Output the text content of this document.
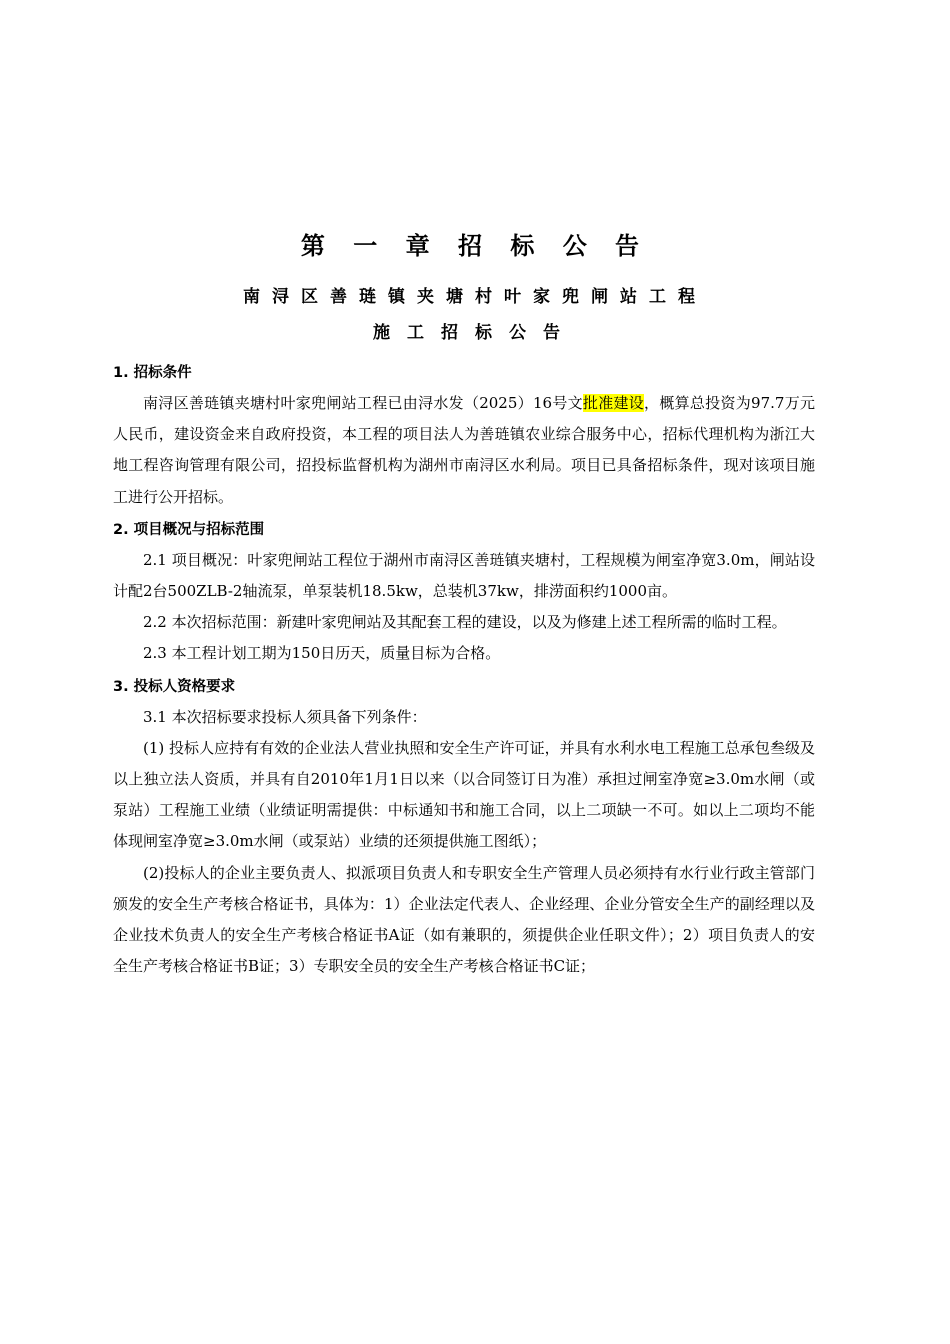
第 一 章 招 标 公 告
南浔区善琏镇夹塘村叶家兜闸站工程
施工招标公告
1. 招标条件

南浔区善琏镇夹塘村叶家兜闸站工程已由浔水发（2025）16号文批准建设，概算总投资为97.7万元人民币，建设资金来自政府投资，本工程的项目法人为善琏镇农业综合服务中心，招标代理机构为浙江大地工程咨询管理有限公司，招投标监督机构为湖州市南浔区水利局。项目已具备招标条件，现对该项目施工进行公开招标。

2. 项目概况与招标范围

2.1 项目概况：叶家兜闸站工程位于湖州市南浔区善琏镇夹塘村，工程规模为闸室净宽3.0m，闸站设计配2台500ZLB-2轴流泵，单泵装机18.5kw，总装机37kw，排涝面积约1000亩。

2.2 本次招标范围：新建叶家兜闸站及其配套工程的建设，以及为修建上述工程所需的临时工程。

2.3 本工程计划工期为150日历天，质量目标为合格。

3. 投标人资格要求

3.1 本次招标要求投标人须具备下列条件：

(1) 投标人应持有有效的企业法人营业执照和安全生产许可证，并具有水利水电工程施工总承包叁级及以上独立法人资质，并具有自2010年1月1日以来（以合同签订日为准）承担过闸室净宽≥3.0m水闸（或泵站）工程施工业绩（业绩证明需提供：中标通知书和施工合同，以上二项缺一不可。如以上二项均不能体现闸室净宽≥3.0m水闸（或泵站）业绩的还须提供施工图纸）；

(2)投标人的企业主要负责人、拟派项目负责人和专职安全生产管理人员必须持有水行业行政主管部门颁发的安全生产考核合格证书，具体为：1）企业法定代表人、企业经理、企业分管安全生产的副经理以及企业技术负责人的安全生产考核合格证书A证（如有兼职的，须提供企业任职文件）；2）项目负责人的安全生产考核合格证书B证；3）专职安全员的安全生产考核合格证书C证；
